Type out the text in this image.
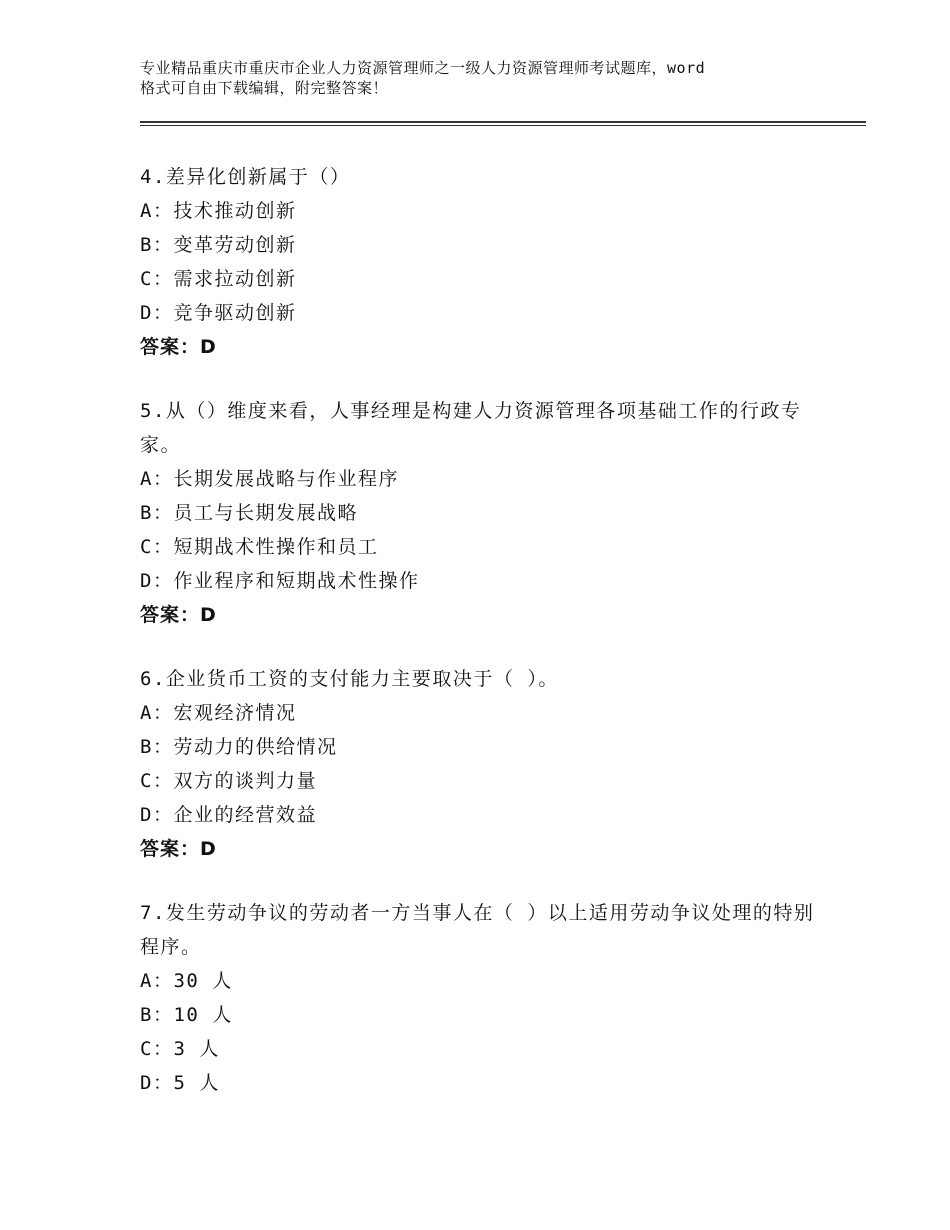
专业精品重庆市重庆市企业人力资源管理师之一级人力资源管理师考试题库，word
格式可自由下载编辑，附完整答案！
4.差异化创新属于（）
A：技术推动创新
B：变革劳动创新
C：需求拉动创新
D：竞争驱动创新
答案：D
5.从（）维度来看，人事经理是构建人力资源管理各项基础工作的行政专家。
A：长期发展战略与作业程序
B：员工与长期发展战略
C：短期战术性操作和员工
D：作业程序和短期战术性操作
答案：D
6.企业货币工资的支付能力主要取决于（ ）。
A：宏观经济情况
B：劳动力的供给情况
C：双方的谈判力量
D：企业的经营效益
答案：D
7.发生劳动争议的劳动者一方当事人在（ ）以上适用劳动争议处理的特别程序。
A：30 人
B：10 人
C：3 人
D：5 人
